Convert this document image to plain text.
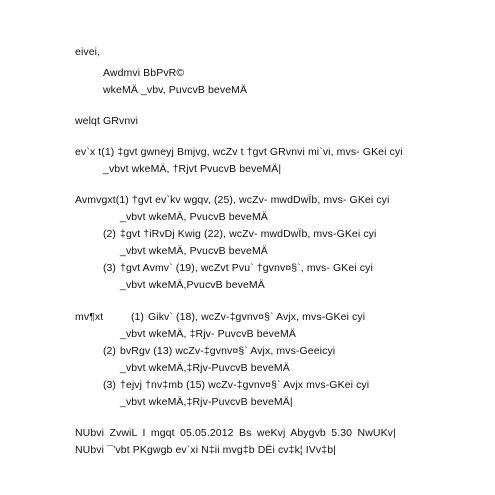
eivei,
Awdmvi BbPvR©
wkeMÄ _vbv, PuvcvB beveMÄ
welqt GRvnvi
ev`x t(1) ‡gvt gwneyj Bmjvg, wcZv t †gvt GRvnvi mi`vi, mvs- GKei cyi
_vbvt wkeMÄ, †Rjvt PvucvB beveMÄ|
Avmvgxt(1) †gvt ev`kv wgqv, (25), wcZv- mwdDwÏb, mvs- GKei cyi
_vbvt wkeMÄ, PvucvB beveMÄ
(2) ‡gvt †iRvDj Kwig (22), wcZv- mwdDwÏb, mvs-GKei cyi
_vbvt wkeMÄ, PvucvB beveMÄ
(3) †gvt Avmv` (19), wcZvt Pvu` †gvnv¤§`, mvs- GKei cyi
_vbvt wkeMÄ,PvucvB beveMÄ
mv¶xt	(1) Gikv` (18), wcZv-‡gvnv¤§` Avjx, mvs-GKei cyi
_vbvt wkeMÄ, ‡Rjv- PuvcvB beveMÄ
(2) bvRgv (13) wcZv-‡gvnv¤§` Avjx, mvs-Geeicyi
_vbvt wkeMÄ,‡Rjv-PuvcvB beveMÄ
(3) †ejvj †nv‡mb (15) wcZv-‡gvnv¤§` Avjx mvs-GKei cyi
_vbvt wkeMÄ,‡Rjv-PuvcvB beveMÄ|
NUbvi ZvwiL I mgqt 05.05.2012 Bs weKvj Abygvb 5.30 NwUKv|
NUbvi ¯’vbt PKgwgb ev`xi N‡ii mvg‡b DËi cv‡k¦ IVv‡b|
